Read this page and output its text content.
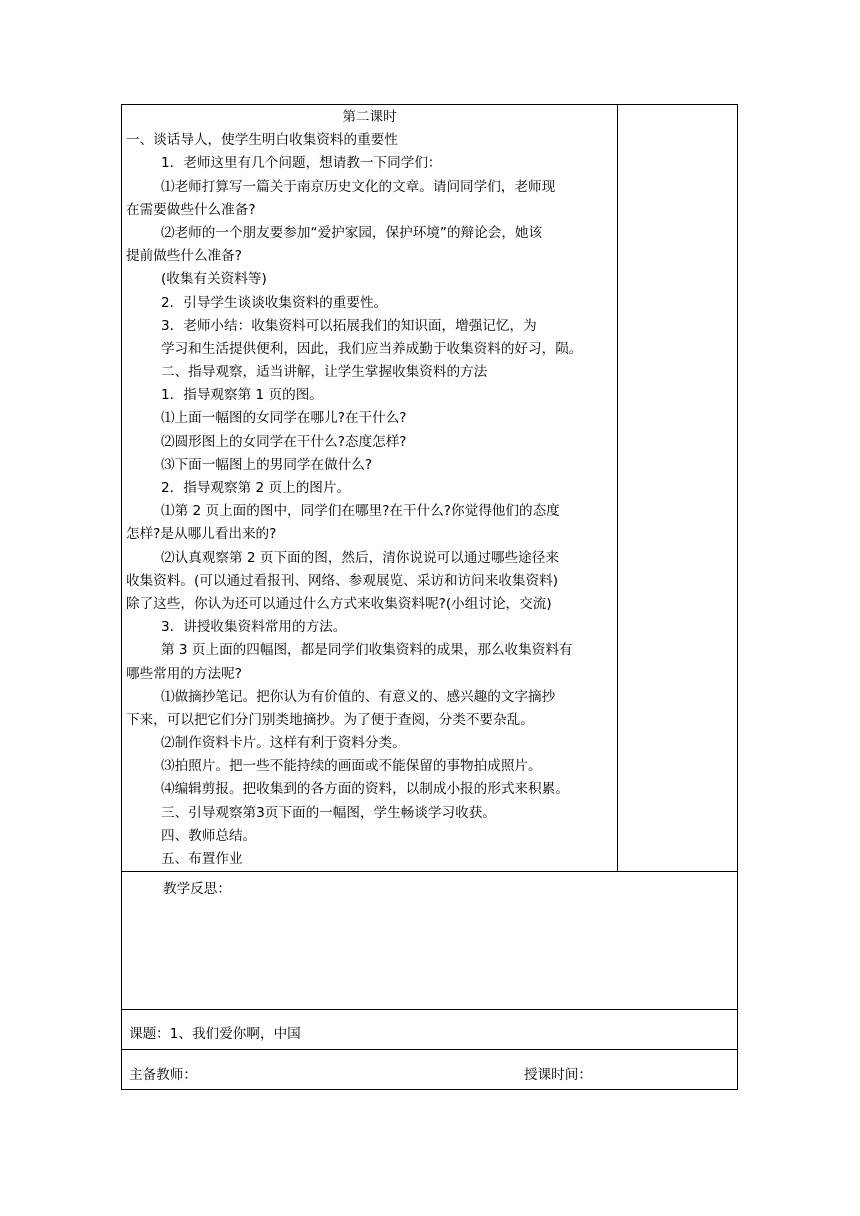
第二课时
一、谈话导人，使学生明白收集资料的重要性
1．老师这里有几个问题，想请教一下同学们：
⑴老师打算写一篇关于南京历史文化的文章。请问同学们，老师现
在需要做些什么准备?
⑵老师的一个朋友要参加“爱护家园，保护环境”的辩论会，她该
提前做些什么准备?
(收集有关资料等)
2．引导学生谈谈收集资料的重要性。
3．老师小结：收集资料可以拓展我们的知识面，增强记忆，为
学习和生活提供便利，因此，我们应当养成勤于收集资料的好习，陨。
二、指导观察，适当讲解，让学生掌握收集资料的方法
1．指导观察第 1 页的图。
⑴上面一幅图的女同学在哪儿?在干什么?
⑵圆形图上的女同学在干什么?态度怎样?
⑶下面一幅图上的男同学在做什么?
2．指导观察第 2 页上的图片。
⑴第 2 页上面的图中，同学们在哪里?在干什么?你觉得他们的态度
怎样?是从哪儿看出来的?
⑵认真观察第 2 页下面的图，然后，清你说说可以通过哪些途径来
收集资料。(可以通过看报刊、网络、参观展览、采访和访问来收集资料)
除了这些，你认为还可以通过什么方式来收集资料呢?(小组讨论，交流)
3．讲授收集资料常用的方法。
第 3 页上面的四幅图，都是同学们收集资料的成果，那么收集资料有
哪些常用的方法呢?
⑴做摘抄笔记。把你认为有价值的、有意义的、感兴趣的文字摘抄
下来，可以把它们分门别类地摘抄。为了便于查阅，分类不要杂乱。
⑵制作资料卡片。这样有利于资料分类。
⑶拍照片。把一些不能持续的画面或不能保留的事物拍成照片。
⑷编辑剪报。把收集到的各方面的资料，以制成小报的形式来积累。
三、引导观察第3页下面的一幅图，学生畅谈学习收获。
四、教师总结。
五、布置作业
教学反思：
课题：1、我们爱你啊，中国
主备教师：	授课时间：
